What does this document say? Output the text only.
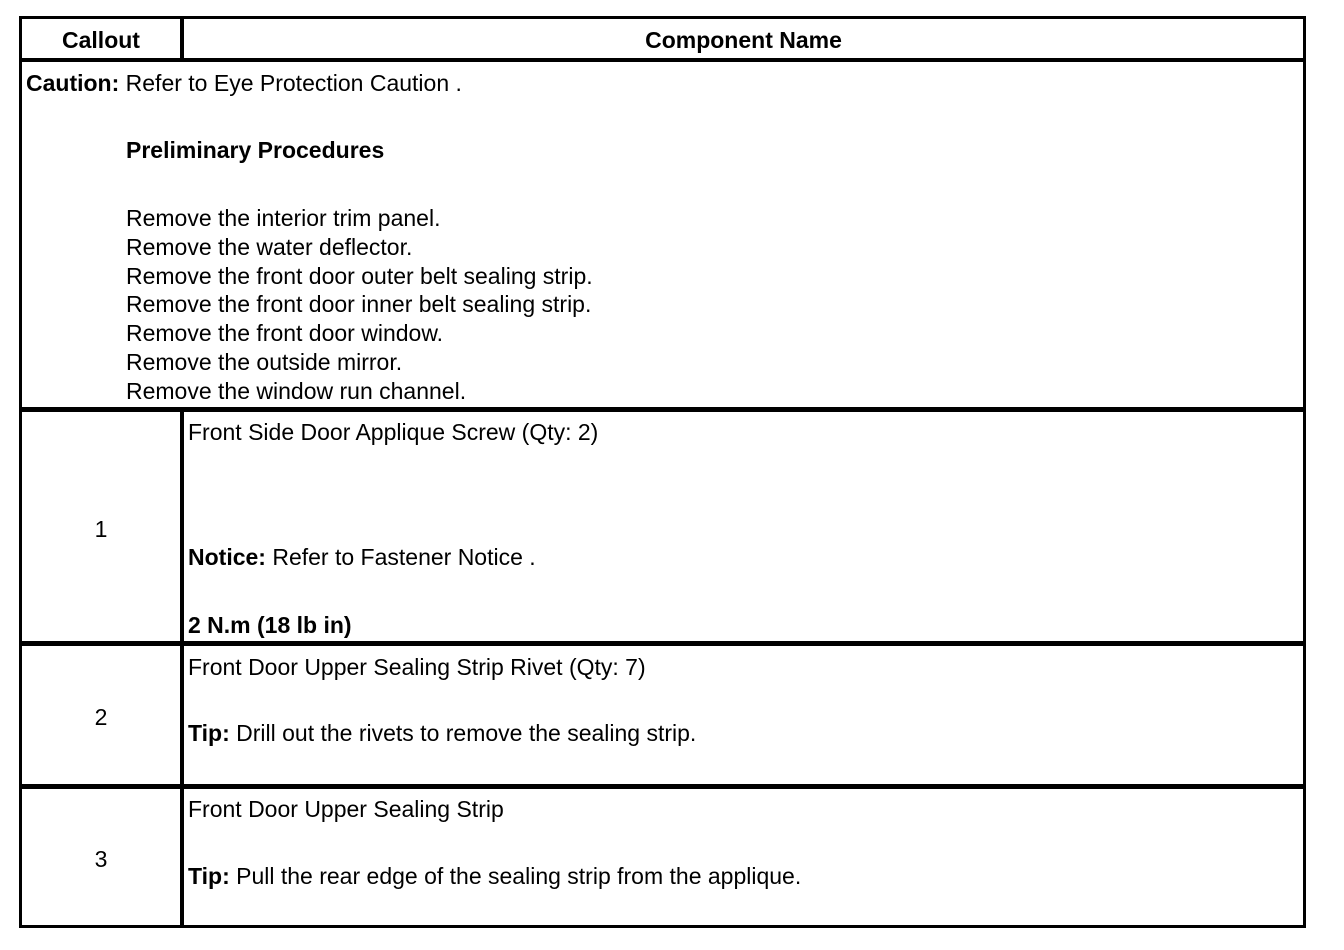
Callout	Component Name
Caution: Refer to Eye Protection Caution .
Preliminary Procedures
Remove the interior trim panel.
Remove the water deflector.
Remove the front door outer belt sealing strip.
Remove the front door inner belt sealing strip.
Remove the front door window.
Remove the outside mirror.
Remove the window run channel.
1
Front Side Door Applique Screw (Qty: 2)
Notice: Refer to Fastener Notice .
2 N.m (18 lb in)
2
Front Door Upper Sealing Strip Rivet (Qty: 7)
Tip: Drill out the rivets to remove the sealing strip.
3
Front Door Upper Sealing Strip
Tip: Pull the rear edge of the sealing strip from the applique.
